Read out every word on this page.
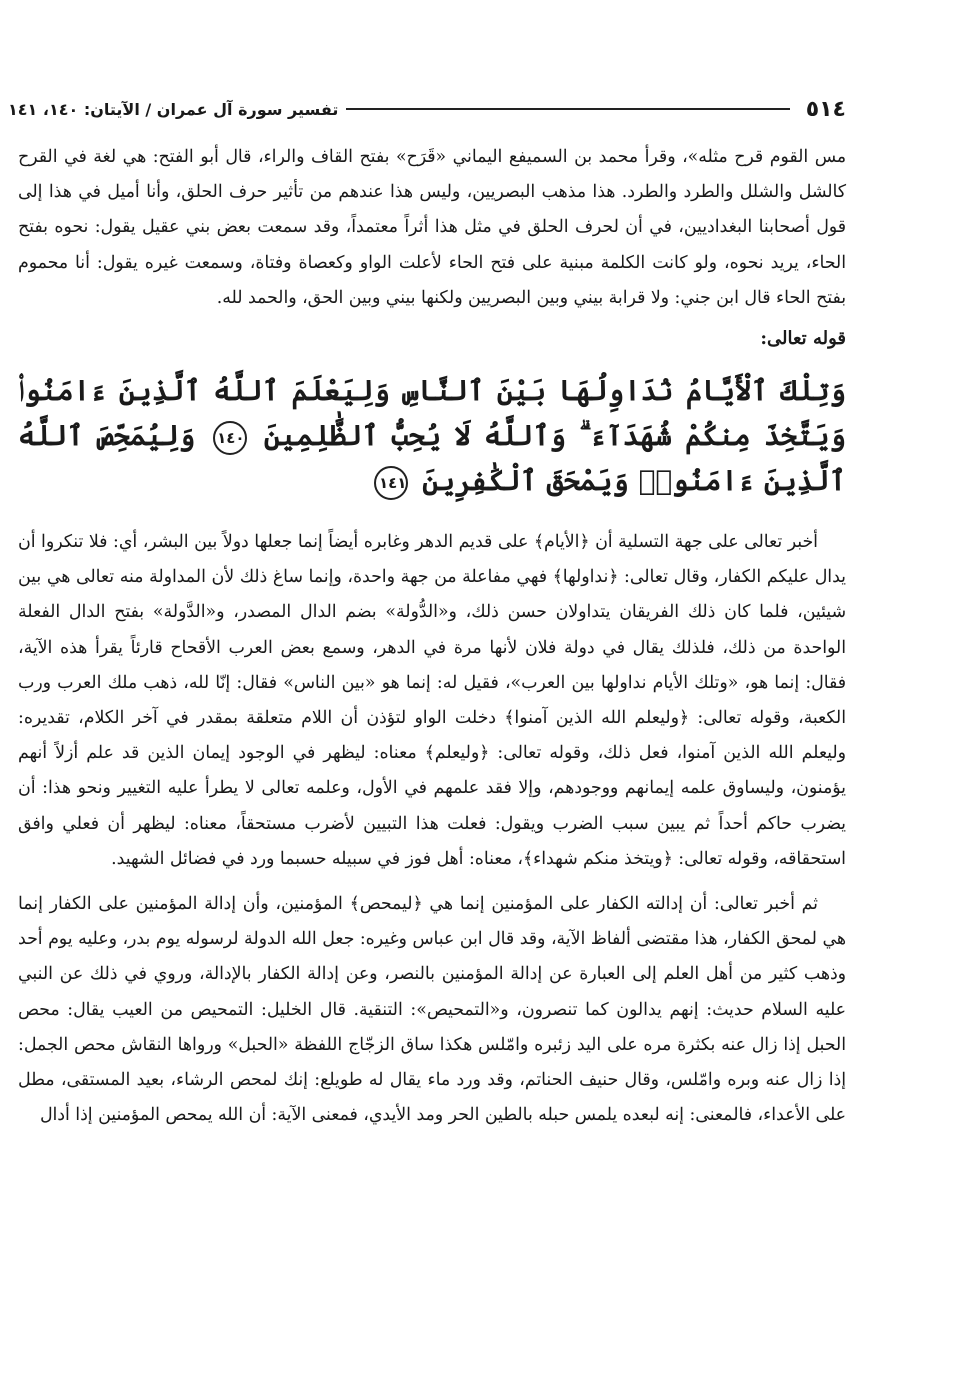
٥١٤
تفسير سورة آل عمران / الآيتان: ١٤٠، ١٤١

مس القوم قرح مثله»، وقرأ محمد بن السميفع اليماني «قَرَح» بفتح القاف والراء، قال أبو الفتح: هي لغة في القرح كالشل والشلل والطرد والطرد. هذا مذهب البصريين، وليس هذا عندهم من تأثير حرف الحلق، وأنا أميل في هذا إلى قول أصحابنا البغداديين، في أن لحرف الحلق في مثل هذا أثراً معتمداً، وقد سمعت بعض بني عقيل يقول: نحوه بفتح الحاء، يريد نحوه، ولو كانت الكلمة مبنية على فتح الحاء لأعلت الواو وكعصاة وفتاة، وسمعت غيره يقول: أنا محموم بفتح الحاء قال ابن جني: ولا قرابة بيني وبين البصريين ولكنها بيني وبين الحق، والحمد لله.

قوله تعالى:

وَتِلْكَ ٱلْأَيَّامُ نُدَاوِلُهَا بَيْنَ ٱلنَّاسِ وَلِيَعْلَمَ ٱللَّهُ ٱلَّذِينَ ءَامَنُوا۟ وَيَتَّخِذَ مِنكُمْ شُهَدَآءَ ۗ وَٱللَّهُ لَا يُحِبُّ ٱلظَّٰلِمِينَ ١٤٠ وَلِيُمَحِّصَ ٱللَّهُ ٱلَّذِينَ ءَامَنُوا۟ وَيَمْحَقَ ٱلْكَٰفِرِينَ ١٤١

أخبر تعالى على جهة التسلية أن ﴿الأيام﴾ على قديم الدهر وغابره أيضاً إنما جعلها دولاً بين البشر، أي: فلا تنكروا أن يدال عليكم الكفار، وقال تعالى: ﴿نداولها﴾ فهي مفاعلة من جهة واحدة، وإنما ساغ ذلك لأن المداولة منه تعالى هي بين شيئين، فلما كان ذلك الفريقان يتداولان حسن ذلك، و«الدُّولة» بضم الدال المصدر، و«الدَّولة» بفتح الدال الفعلة الواحدة من ذلك، فلذلك يقال في دولة فلان لأنها مرة في الدهر، وسمع بعض العرب الأقحاح قارئاً يقرأ هذه الآية، فقال: إنما هو، «وتلك الأيام نداولها بين العرب»، فقيل له: إنما هو «بين الناس» فقال: إنّا لله، ذهب ملك العرب ورب الكعبة، وقوله تعالى: ﴿وليعلم الله الذين آمنوا﴾ دخلت الواو لتؤذن أن اللام متعلقة بمقدر في آخر الكلام، تقديره: وليعلم الله الذين آمنوا، فعل ذلك، وقوله تعالى: ﴿وليعلم﴾ معناه: ليظهر في الوجود إيمان الذين قد علم أزلاً أنهم يؤمنون، وليساوق علمه إيمانهم ووجودهم، وإلا فقد علمهم في الأول، وعلمه تعالى لا يطرأ عليه التغيير ونحو هذا: أن يضرب حاكم أحداً ثم يبين سبب الضرب ويقول: فعلت هذا التبيين لأضرب مستحقاً، معناه: ليظهر أن فعلي وافق استحقاقه، وقوله تعالى: ﴿ويتخذ منكم شهداء﴾، معناه: أهل فوز في سبيله حسبما ورد في فضائل الشهيد.

ثم أخبر تعالى: أن إدالته الكفار على المؤمنين إنما هي ﴿ليمحص﴾ المؤمنين، وأن إدالة المؤمنين على الكفار إنما هي لمحق الكفار، هذا مقتضى ألفاظ الآية، وقد قال ابن عباس وغيره: جعل الله الدولة لرسوله يوم بدر، وعليه يوم أحد وذهب كثير من أهل العلم إلى العبارة عن إدالة المؤمنين بالنصر، وعن إدالة الكفار بالإدالة، وروي في ذلك عن النبي عليه السلام حديث: إنهم يدالون كما تنصرون، و«التمحيص»: التنقية. قال الخليل: التمحيص من العيب يقال: محص الحبل إذا زال عنه بكثرة مره على اليد زئبره وامّلس هكذا ساق الزجّاج اللفظة «الحبل» ورواها النقاش محص الجمل: إذا زال عنه وبره وامّلس، وقال حنيف الحناتم، وقد ورد ماء يقال له طويلع: إنك لمحص الرشاء، بعيد المستقى، مطل على الأعداء، فالمعنى: إنه لبعده يلمس حبله بالطين الحر ومد الأيدي، فمعنى الآية: أن الله يمحص المؤمنين إذا أدال
